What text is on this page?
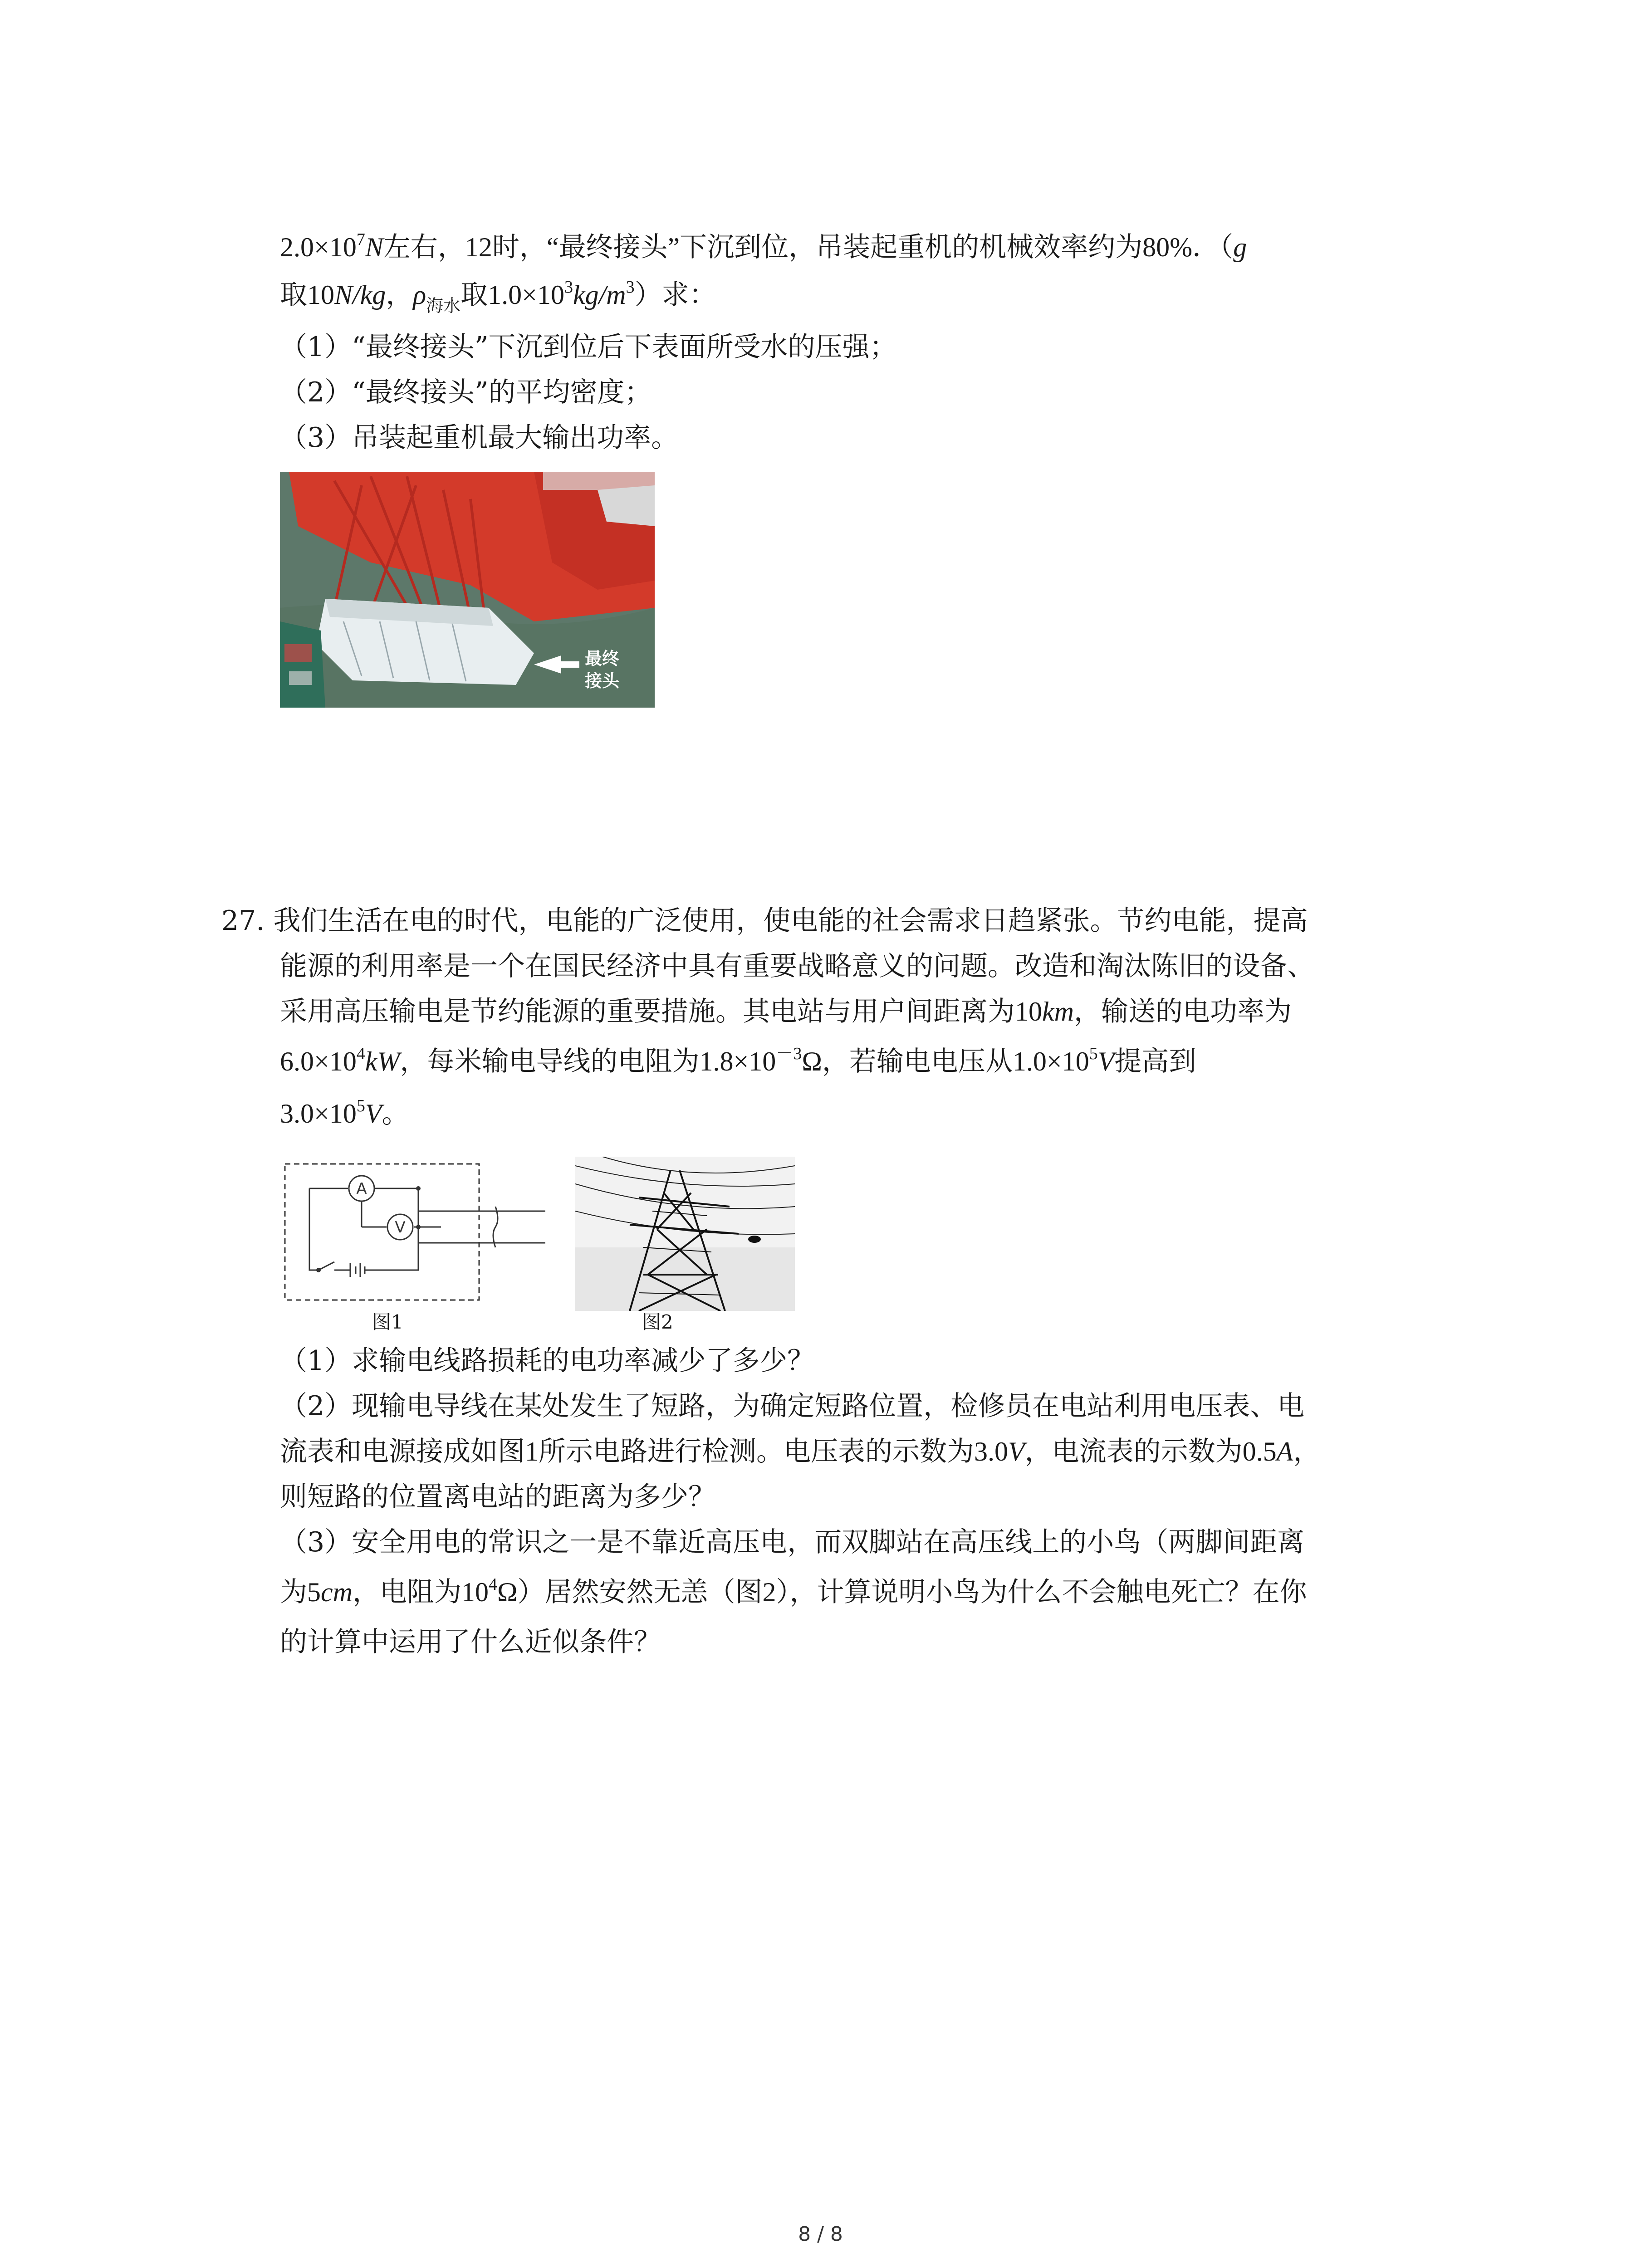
$2.0\times 10^7N$左右，12时，“最终接头”下沉到位，吊装起重机的机械效率约为80%．（g
取10N/kg，$\rho_{海水}$取$1.0\times 10^3kg/m^3$）求：
（1）“最终接头”下沉到位后下表面所受水的压强；
（2）“最终接头”的平均密度；
（3）吊装起重机最大输出功率。
最终
接头
27. 我们生活在电的时代，电能的广泛使用，使电能的社会需求日趋紧张。节约电能，提高
能源的利用率是一个在国民经济中具有重要战略意义的问题。改造和淘汰陈旧的设备、
采用高压输电是节约能源的重要措施。其电站与用户间距离为10km，输送的电功率为
$6.0\times 10^4kW$，每米输电导线的电阻为$1.8\times 10^{-3}\Omega$，若输电电压从$1.0\times 10^5V$提高到
$3.0\times 10^5V$。
A
V
图1	图2
（1）求输电线路损耗的电功率减少了多少？
（2）现输电导线在某处发生了短路，为确定短路位置，检修员在电站利用电压表、电
流表和电源接成如图1所示电路进行检测。电压表的示数为3.0V，电流表的示数为0.5A，
则短路的位置离电站的距离为多少？
（3）安全用电的常识之一是不靠近高压电，而双脚站在高压线上的小鸟（两脚间距离
为5cm，电阻为$10^4\Omega$）居然安然无恙（图2），计算说明小鸟为什么不会触电死亡？在你
的计算中运用了什么近似条件？
8 / 8
